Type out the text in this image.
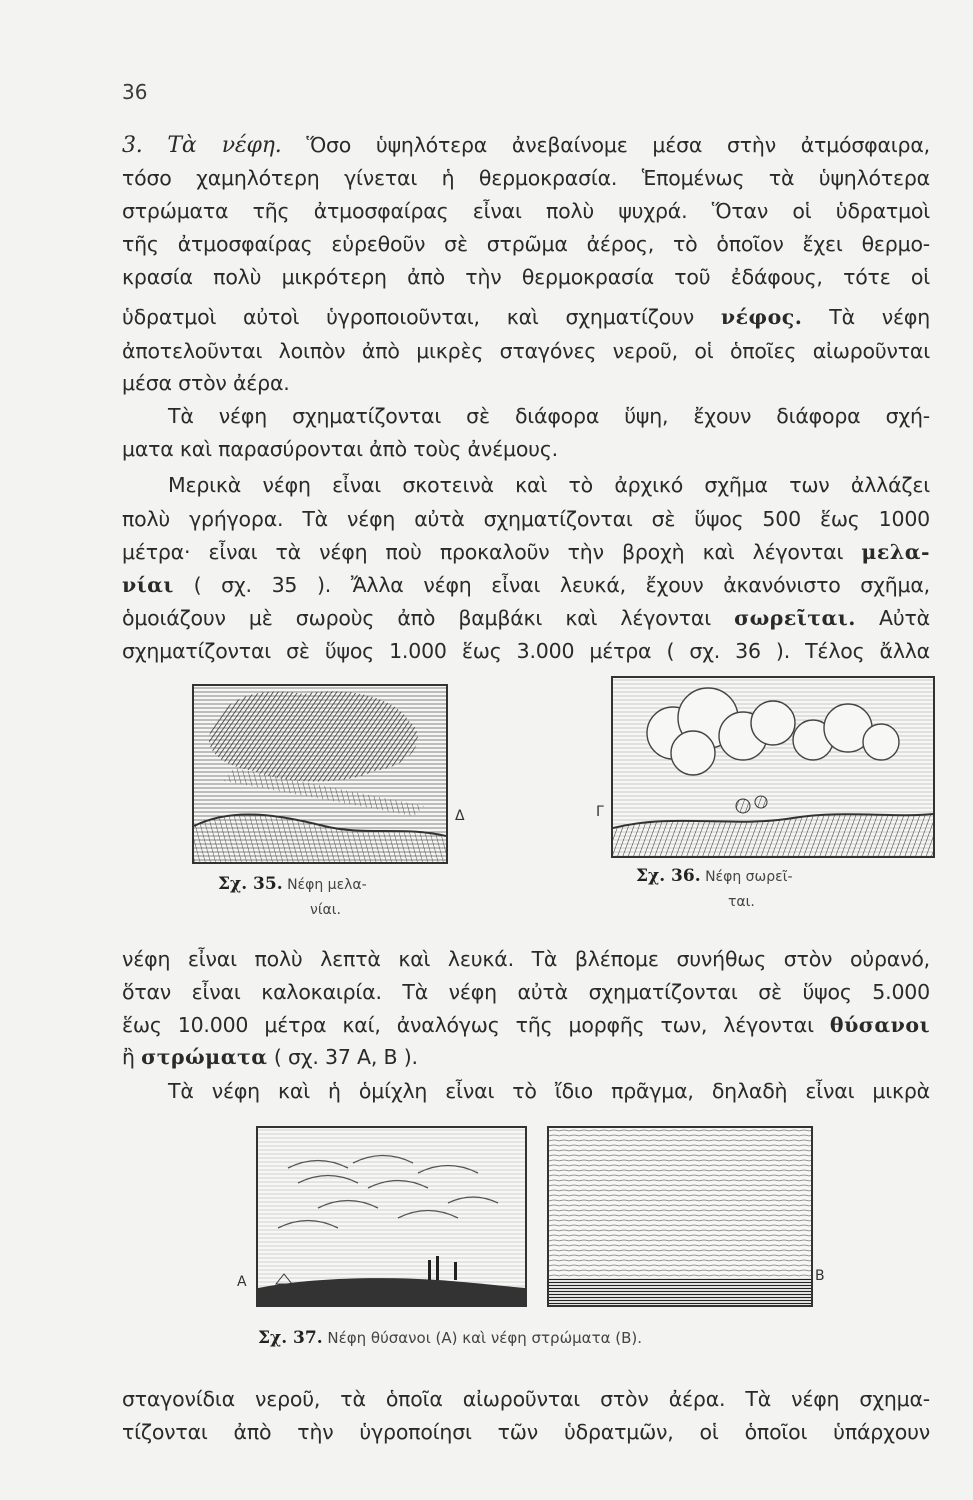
36
3. Τὰ νέφη. Ὅσο ὑψηλότερα ἀνεβαίνομε μέσα στὴν ἀτμόσφαιρα,
τόσο χαμηλότερη γίνεται ἡ θερμοκρασία. Ἑπομένως τὰ ὑψηλότερα
στρώματα τῆς ἀτμοσφαίρας εἶναι πολὺ ψυχρά. Ὅταν οἱ ὑδρατμοὶ
τῆς ἀτμοσφαίρας εὑρεθοῦν σὲ στρῶμα ἀέρος, τὸ ὁποῖον ἔχει θερμο-
κρασία πολὺ μικρότερη ἀπὸ τὴν θερμοκρασία τοῦ ἐδάφους, τότε οἱ
ὑδρατμοὶ αὐτοὶ ὑγροποιοῦνται, καὶ σχηματίζουν νέφος. Τὰ νέφη
ἀποτελοῦνται λοιπὸν ἀπὸ μικρὲς σταγόνες νεροῦ, οἱ ὁποῖες αἰωροῦνται
μέσα στὸν ἀέρα.
Τὰ νέφη σχηματίζονται σὲ διάφορα ὕψη, ἔχουν διάφορα σχή-
ματα καὶ παρασύρονται ἀπὸ τοὺς ἀνέμους.
Μερικὰ νέφη εἶναι σκοτεινὰ καὶ τὸ ἀρχικό σχῆμα των ἀλλάζει
πολὺ γρήγορα. Τὰ νέφη αὐτὰ σχηματίζονται σὲ ὕψος 500 ἕως 1000
μέτρα· εἶναι τὰ νέφη ποὺ προκαλοῦν τὴν βροχὴ καὶ λέγονται μελα-
νίαι ( σχ. 35 ). Ἄλλα νέφη εἶναι λευκά, ἔχουν ἀκανόνιστο σχῆμα,
ὁμοιάζουν μὲ σωροὺς ἀπὸ βαμβάκι καὶ λέγονται σωρεῖται. Αὐτὰ
σχηματίζονται σὲ ὕψος 1.000 ἕως 3.000 μέτρα ( σχ. 36 ). Τέλος ἄλλα
Δ
Σχ. 35. Νέφη μελα-
νίαι.
Γ
Σχ. 36. Νέφη σωρεῖ-
ται.
νέφη εἶναι πολὺ λεπτὰ καὶ λευκά. Τὰ βλέπομε συνήθως στὸν οὐρανό,
ὅταν εἶναι καλοκαιρία. Τὰ νέφη αὐτὰ σχηματίζονται σὲ ὕψος 5.000
ἕως 10.000 μέτρα καί, ἀναλόγως τῆς μορφῆς των, λέγονται θύσανοι
ἢ στρώματα ( σχ. 37 Α, Β ).
Τὰ νέφη καὶ ἡ ὁμίχλη εἶναι τὸ ἴδιο πρᾶγμα, δηλαδὴ εἶναι μικρὰ
Α	Β
Σχ. 37. Νέφη θύσανοι (Α) καὶ νέφη στρώματα (Β).
σταγονίδια νεροῦ, τὰ ὁποῖα αἰωροῦνται στὸν ἀέρα. Τὰ νέφη σχημα-
τίζονται ἀπὸ τὴν ὑγροποίησι τῶν ὑδρατμῶν, οἱ ὁποῖοι ὑπάρχουν
